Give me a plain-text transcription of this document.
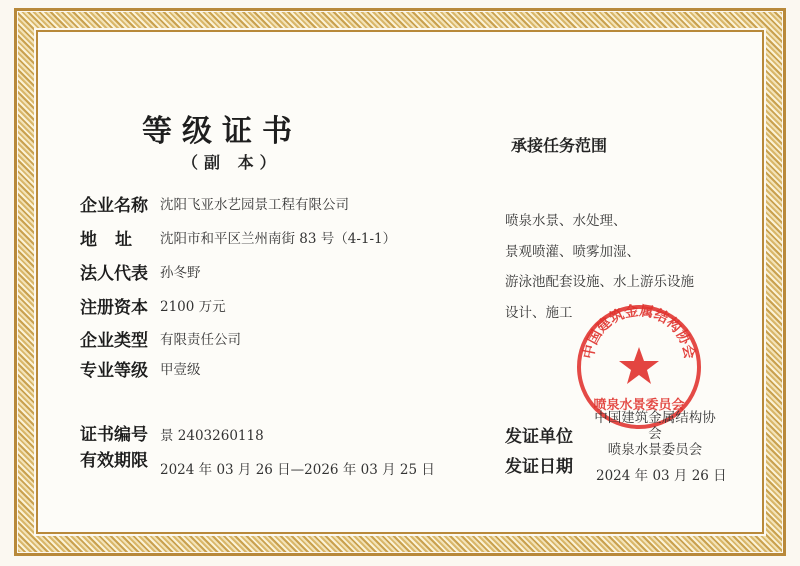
等级证书
（副 本）
承接任务范围
企业名称 沈阳飞亚水艺园景工程有限公司
地址 沈阳市和平区兰州南街 83 号（4-1-1）
法人代表 孙冬野
注册资本 2100 万元
企业类型 有限责任公司
专业等级 甲壹级
证书编号 景 2403260118
有效期限 2024 年 03 月 26 日—2026 年 03 月 25 日
喷泉水景、水处理、
景观喷灌、喷雾加湿、
游泳池配套设施、水上游乐设施
设计、施工
中国建筑金属结构协会
喷泉水景委员会
发证单位
中国建筑金属结构协会
喷泉水景委员会
发证日期 2024 年 03 月 26 日
